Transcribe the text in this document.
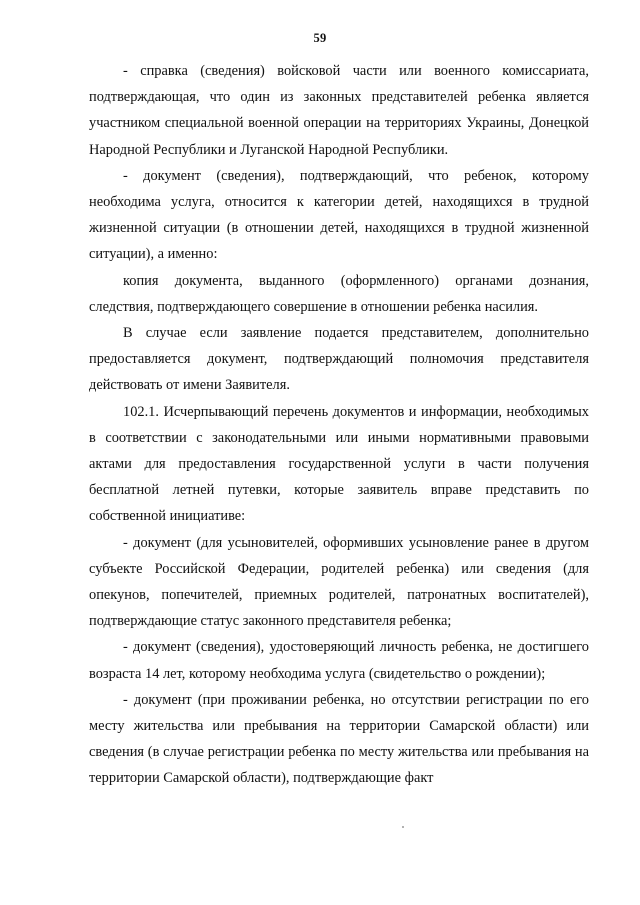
59

- справка (сведения) войсковой части или военного комиссариата, подтверждающая, что один из законных представителей ребенка является участником специальной военной операции на территориях Украины, Донецкой Народной Республики и Луганской Народной Республики.

- документ (сведения), подтверждающий, что ребенок, которому необходима услуга, относится к категории детей, находящихся в трудной жизненной ситуации (в отношении детей, находящихся в трудной жизненной ситуации), а именно:

копия документа, выданного (оформленного) органами дознания, следствия, подтверждающего совершение в отношении ребенка насилия.

В случае если заявление подается представителем, дополнительно предоставляется документ, подтверждающий полномочия представителя действовать от имени Заявителя.

102.1. Исчерпывающий перечень документов и информации, необходимых в соответствии с законодательными или иными нормативными правовыми актами для предоставления государственной услуги в части получения бесплатной летней путевки, которые заявитель вправе представить по собственной инициативе:

- документ (для усыновителей, оформивших усыновление ранее в другом субъекте Российской Федерации, родителей ребенка) или сведения (для опекунов, попечителей, приемных родителей, патронатных воспитателей), подтверждающие статус законного представителя ребенка;

- документ (сведения), удостоверяющий личность ребенка, не достигшего возраста 14 лет, которому необходима услуга (свидетельство о рождении);

- документ (при проживании ребенка, но отсутствии регистрации по его месту жительства или пребывания на территории Самарской области) или сведения (в случае регистрации ребенка по месту жительства или пребывания на территории Самарской области), подтверждающие факт
